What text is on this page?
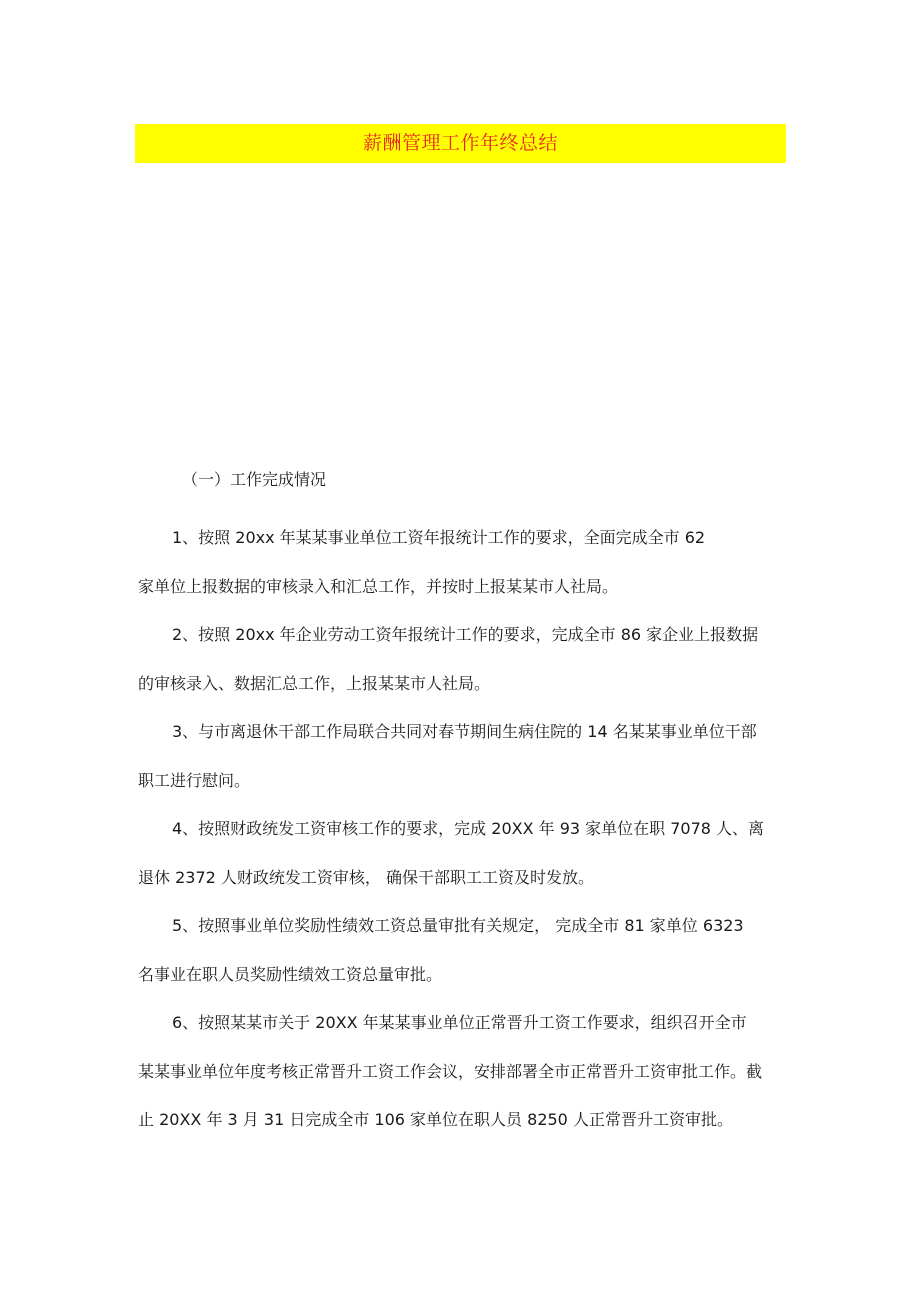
薪酬管理工作年终总结
（一）工作完成情况
1、按照 20xx 年某某事业单位工资年报统计工作的要求，全面完成全市 62
家单位上报数据的审核录入和汇总工作，并按时上报某某市人社局。
2、按照 20xx 年企业劳动工资年报统计工作的要求，完成全市 86 家企业上报数据
的审核录入、数据汇总工作，上报某某市人社局。
3、与市离退休干部工作局联合共同对春节期间生病住院的 14 名某某事业单位干部
职工进行慰问。
4、按照财政统发工资审核工作的要求，完成 20XX 年 93 家单位在职 7078 人、离
退休 2372 人财政统发工资审核， 确保干部职工工资及时发放。
5、按照事业单位奖励性绩效工资总量审批有关规定， 完成全市 81 家单位 6323
名事业在职人员奖励性绩效工资总量审批。
6、按照某某市关于 20XX 年某某事业单位正常晋升工资工作要求，组织召开全市
某某事业单位年度考核正常晋升工资工作会议，安排部署全市正常晋升工资审批工作。截
止 20XX 年 3 月 31 日完成全市 106 家单位在职人员 8250 人正常晋升工资审批。
